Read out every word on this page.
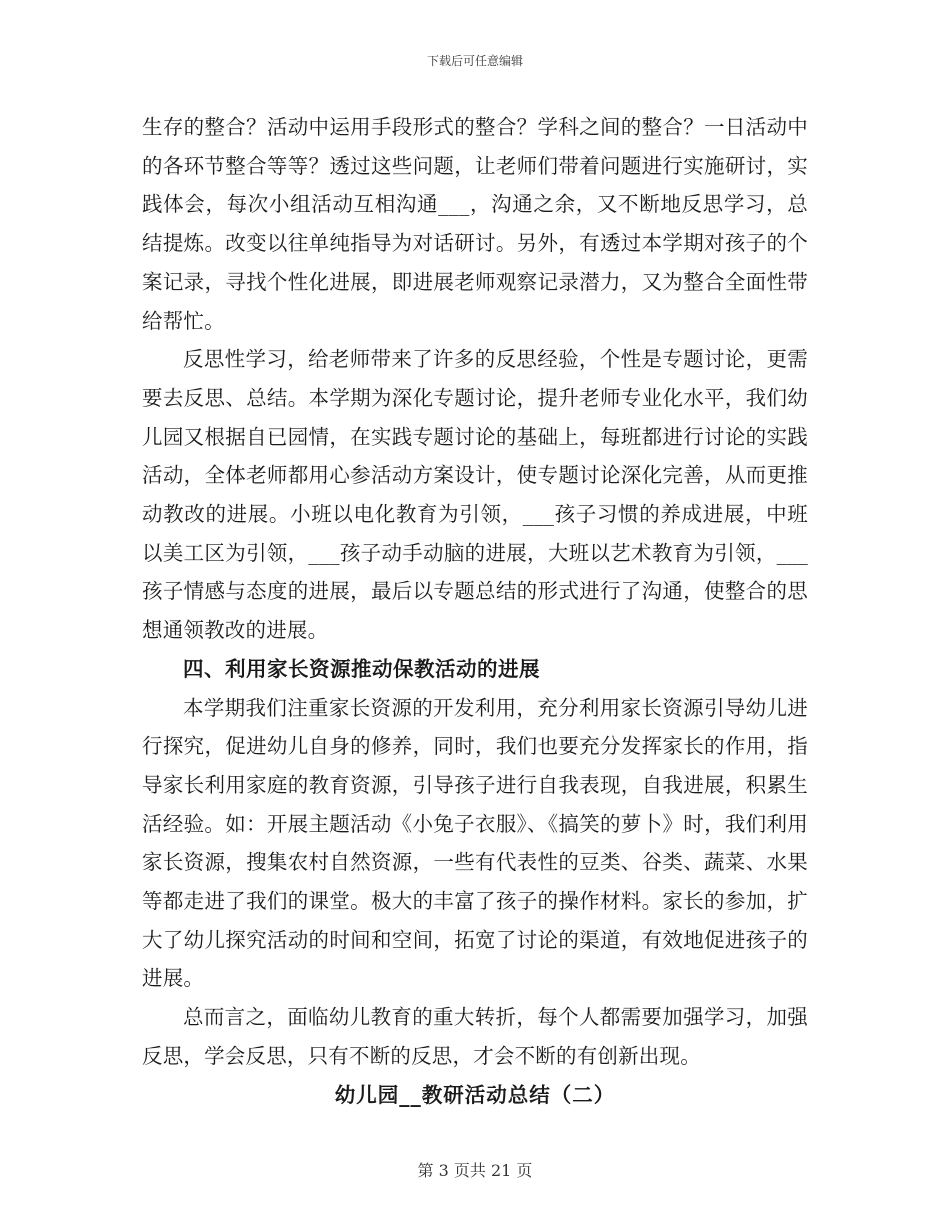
下载后可任意编辑

生存的整合？活动中运用手段形式的整合？学科之间的整合？一日活动中的各环节整合等等？透过这些问题，让老师们带着问题进行实施研讨，实践体会，每次小组活动互相沟通___，沟通之余，又不断地反思学习，总结提炼。改变以往单纯指导为对话研讨。另外，有透过本学期对孩子的个案记录，寻找个性化进展，即进展老师观察记录潜力，又为整合全面性带给帮忙。

反思性学习，给老师带来了许多的反思经验，个性是专题讨论，更需要去反思、总结。本学期为深化专题讨论，提升老师专业化水平，我们幼儿园又根据自已园情，在实践专题讨论的基础上，每班都进行讨论的实践活动，全体老师都用心参活动方案设计，使专题讨论深化完善，从而更推动教改的进展。小班以电化教育为引领，___孩子习惯的养成进展，中班以美工区为引领，___孩子动手动脑的进展，大班以艺术教育为引领，___孩子情感与态度的进展，最后以专题总结的形式进行了沟通，使整合的思想通领教改的进展。

四、利用家长资源推动保教活动的进展

本学期我们注重家长资源的开发利用，充分利用家长资源引导幼儿进行探究，促进幼儿自身的修养，同时，我们也要充分发挥家长的作用，指导家长利用家庭的教育资源，引导孩子进行自我表现，自我进展，积累生活经验。如：开展主题活动《小兔子衣服》、《搞笑的萝卜》时，我们利用家长资源，搜集农村自然资源，一些有代表性的豆类、谷类、蔬菜、水果等都走进了我们的课堂。极大的丰富了孩子的操作材料。家长的参加，扩大了幼儿探究活动的时间和空间，拓宽了讨论的渠道，有效地促进孩子的进展。

总而言之，面临幼儿教育的重大转折，每个人都需要加强学习，加强反思，学会反思，只有不断的反思，才会不断的有创新出现。

幼儿园__教研活动总结（二）

第 3 页共 21 页
